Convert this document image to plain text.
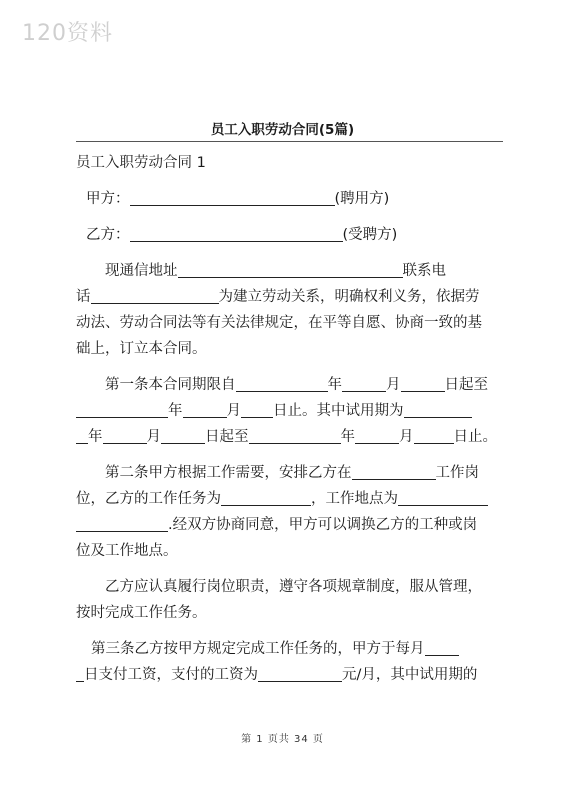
120资料
员工入职劳动合同(5篇)
员工入职劳动合同 1
甲方：	(聘用方)
乙方：	(受聘方)
现通信地址	联系电
话	为建立劳动关系，明确权利义务，依据劳
动法、劳动合同法等有关法律规定，在平等自愿、协商一致的基
础上，订立本合同。
第一条本合同期限自	年	月	日起至
年	月 日止。其中试用期为
年	月	日起至	年	月	日止。
第二条甲方根据工作需要，安排乙方在	工作岗
位，乙方的工作任务为	，工作地点为
.经双方协商同意，甲方可以调换乙方的工种或岗
位及工作地点。
乙方应认真履行岗位职责，遵守各项规章制度，服从管理，
按时完成工作任务。
第三条乙方按甲方规定完成工作任务的，甲方于每月
日支付工资，支付的工资为	元/月，其中试用期的
第 1 页共 34 页
